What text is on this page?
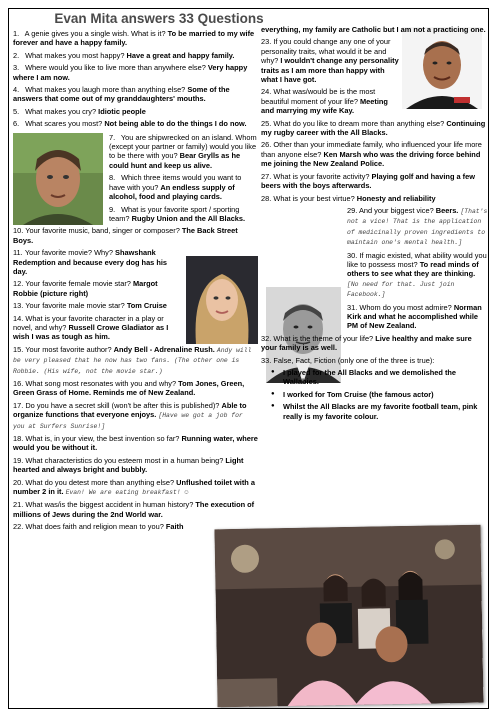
Evan Mita answers 33 Questions
1. A genie gives you a single wish. What is it? To be married to my wife forever and have a happy family.
2. What makes you most happy? Have a great and happy family.
3. Where would you like to live more than anywhere else? Very happy where I am now.
4. What makes you laugh more than anything else? Some of the answers that come out of my granddaughters' mouths.
5. What makes you cry? Idiotic people
6. What scares you most? Not being able to do the things I do now.
7. You are shipwrecked on an island. Whom (except your partner or family) would you like to be there with you? Bear Grylls as he could hunt and keep us alive.
8. Which three items would you want to have with you? An endless supply of alcohol, food and playing cards.
9. What is your favorite sport / sporting team? Rugby Union and the All Blacks.
10. Your favorite music, band, singer or composer? The Back Street Boys.
11. Your favorite movie? Why? Shawshank Redemption and because every dog has his day.
12. Your favorite female movie star? Margot Robbie (picture right)
13. Your favorite male movie star? Tom Cruise
14. What is your favorite character in a play or novel, and why? Russell Crowe Gladiator as I wish I was as tough as him.
15. Your most favorite author? Andy Bell - Adrenaline Rush. Andy will be very pleased that he now has two fans. (The other one is Robbie. (His wife, not the movie star.)
16. What song most resonates with you and why? Tom Jones, Green, Green Grass of Home. Reminds me of New Zealand.
17. Do you have a secret skill (won't be after this is published)? Able to organize functions that everyone enjoys. [Have we got a job for you at Surfers Sunrise!]
18. What is, in your view, the best invention so far? Running water, where would you be without it.
19. What characteristics do you esteem most in a human being? Light hearted and always bright and bubbly.
20. What do you detest more than anything else? Unflushed toilet with a number 2 in it. Evan! We are eating breakfast! ☺
21. What was/is the biggest accident in human history? The execution of millions of Jews during the 2nd World war.
22. What does faith and religion mean to you? Faith
everything, my family are Catholic but I am not a practicing one.
23. If you could change any one of your personality traits, what would it be and why? I wouldn't change any personality traits as I am more than happy with what I have got.
24. What was/would be is the most beautiful moment of your life? Meeting and marrying my wife Kay.
25. What do you like to dream more than anything else? Continuing my rugby career with the All Blacks.
26. Other than your immediate family, who influenced your life more than anyone else? Ken Marsh who was the driving force behind me joining the New Zealand Police.
27. What is your favorite activity? Playing golf and having a few beers with the boys afterwards.
28. What is your best virtue? Honesty and reliability
29. And your biggest vice? Beers. [That's not a vice! That is the application of medicinally proven ingredients to maintain one's mental health.]
30. If magic existed, what ability would you like to possess most? To read minds of others to see what they are thinking. [No need for that. Just join Facebook.]
31. Whom do you most admire? Norman Kirk and what he accomplished while PM of New Zealand.
32. What is the theme of your life? Live healthy and make sure your family is as well.
33. False, Fact, Fiction (only one of the three is true):
● I played for the All Blacks and we demolished the Wallabies.
● I worked for Tom Cruise (the famous actor)
● Whilst the All Blacks are my favorite football team, pink really is my favorite colour.
